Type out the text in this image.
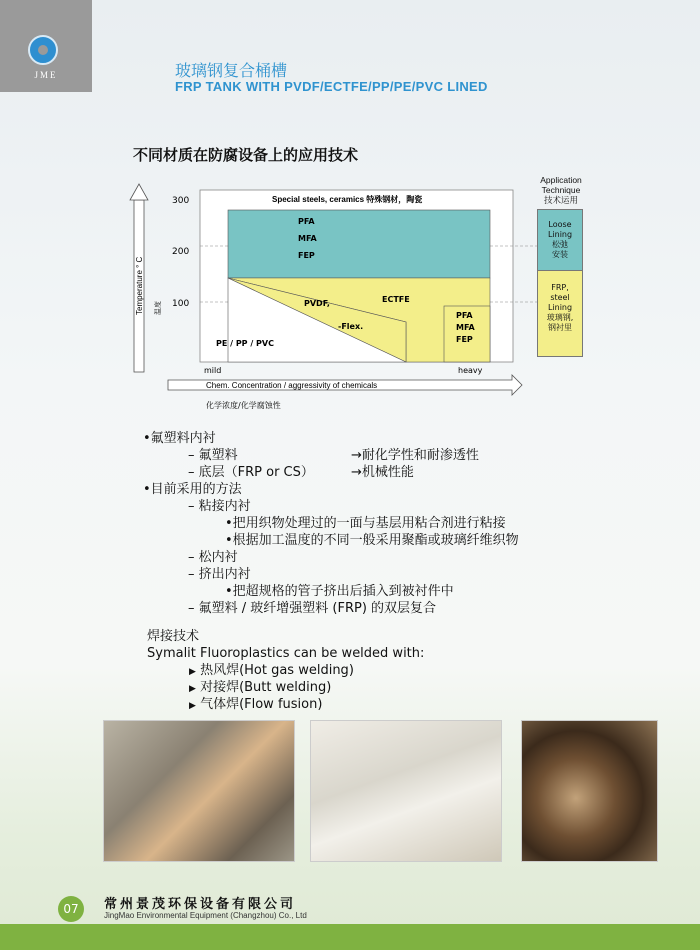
JME	玻璃钢复合桶槽
FRP TANK WITH PVDF/ECTFE/PP/PE/PVC LINED
不同材质在防腐设备上的应用技术
Temperature ° C 温度
300
200
100
Special steels, ceramics 特殊钢材，陶瓷
PFA
MFA
FEP
PVDF,	ECTFE
-Flex.
PE / PP / PVC
PFA
MFA
FEP
mild	heavy
Chem. Concentration / aggressivity of chemicals
化学浓度/化学腐蚀性
Application
Technique
技术运用
Loose
Lining
松弛
安装
FRP,
steel
Lining
玻璃钢,
钢衬里
•氟塑料内衬
– 氟塑料	→耐化学性和耐渗透性
– 底层（FRP or CS）	→机械性能
•目前采用的方法
– 粘接内衬
•把用织物处理过的一面与基层用粘合剂进行粘接
•根据加工温度的不同一般采用聚酯或玻璃纤维织物
– 松内衬
– 挤出内衬
•把超规格的管子挤出后插入到被衬件中
– 氟塑料 / 玻纤增强塑料 (FRP) 的双层复合
焊接技术
Symalit Fluoroplastics can be welded with:
▶ 热风焊(Hot gas welding)
▶ 对接焊(Butt welding)
▶ 气体焊(Flow fusion)
07	常州景茂环保设备有限公司
JingMao Environmental Equipment (Changzhou) Co., Ltd
